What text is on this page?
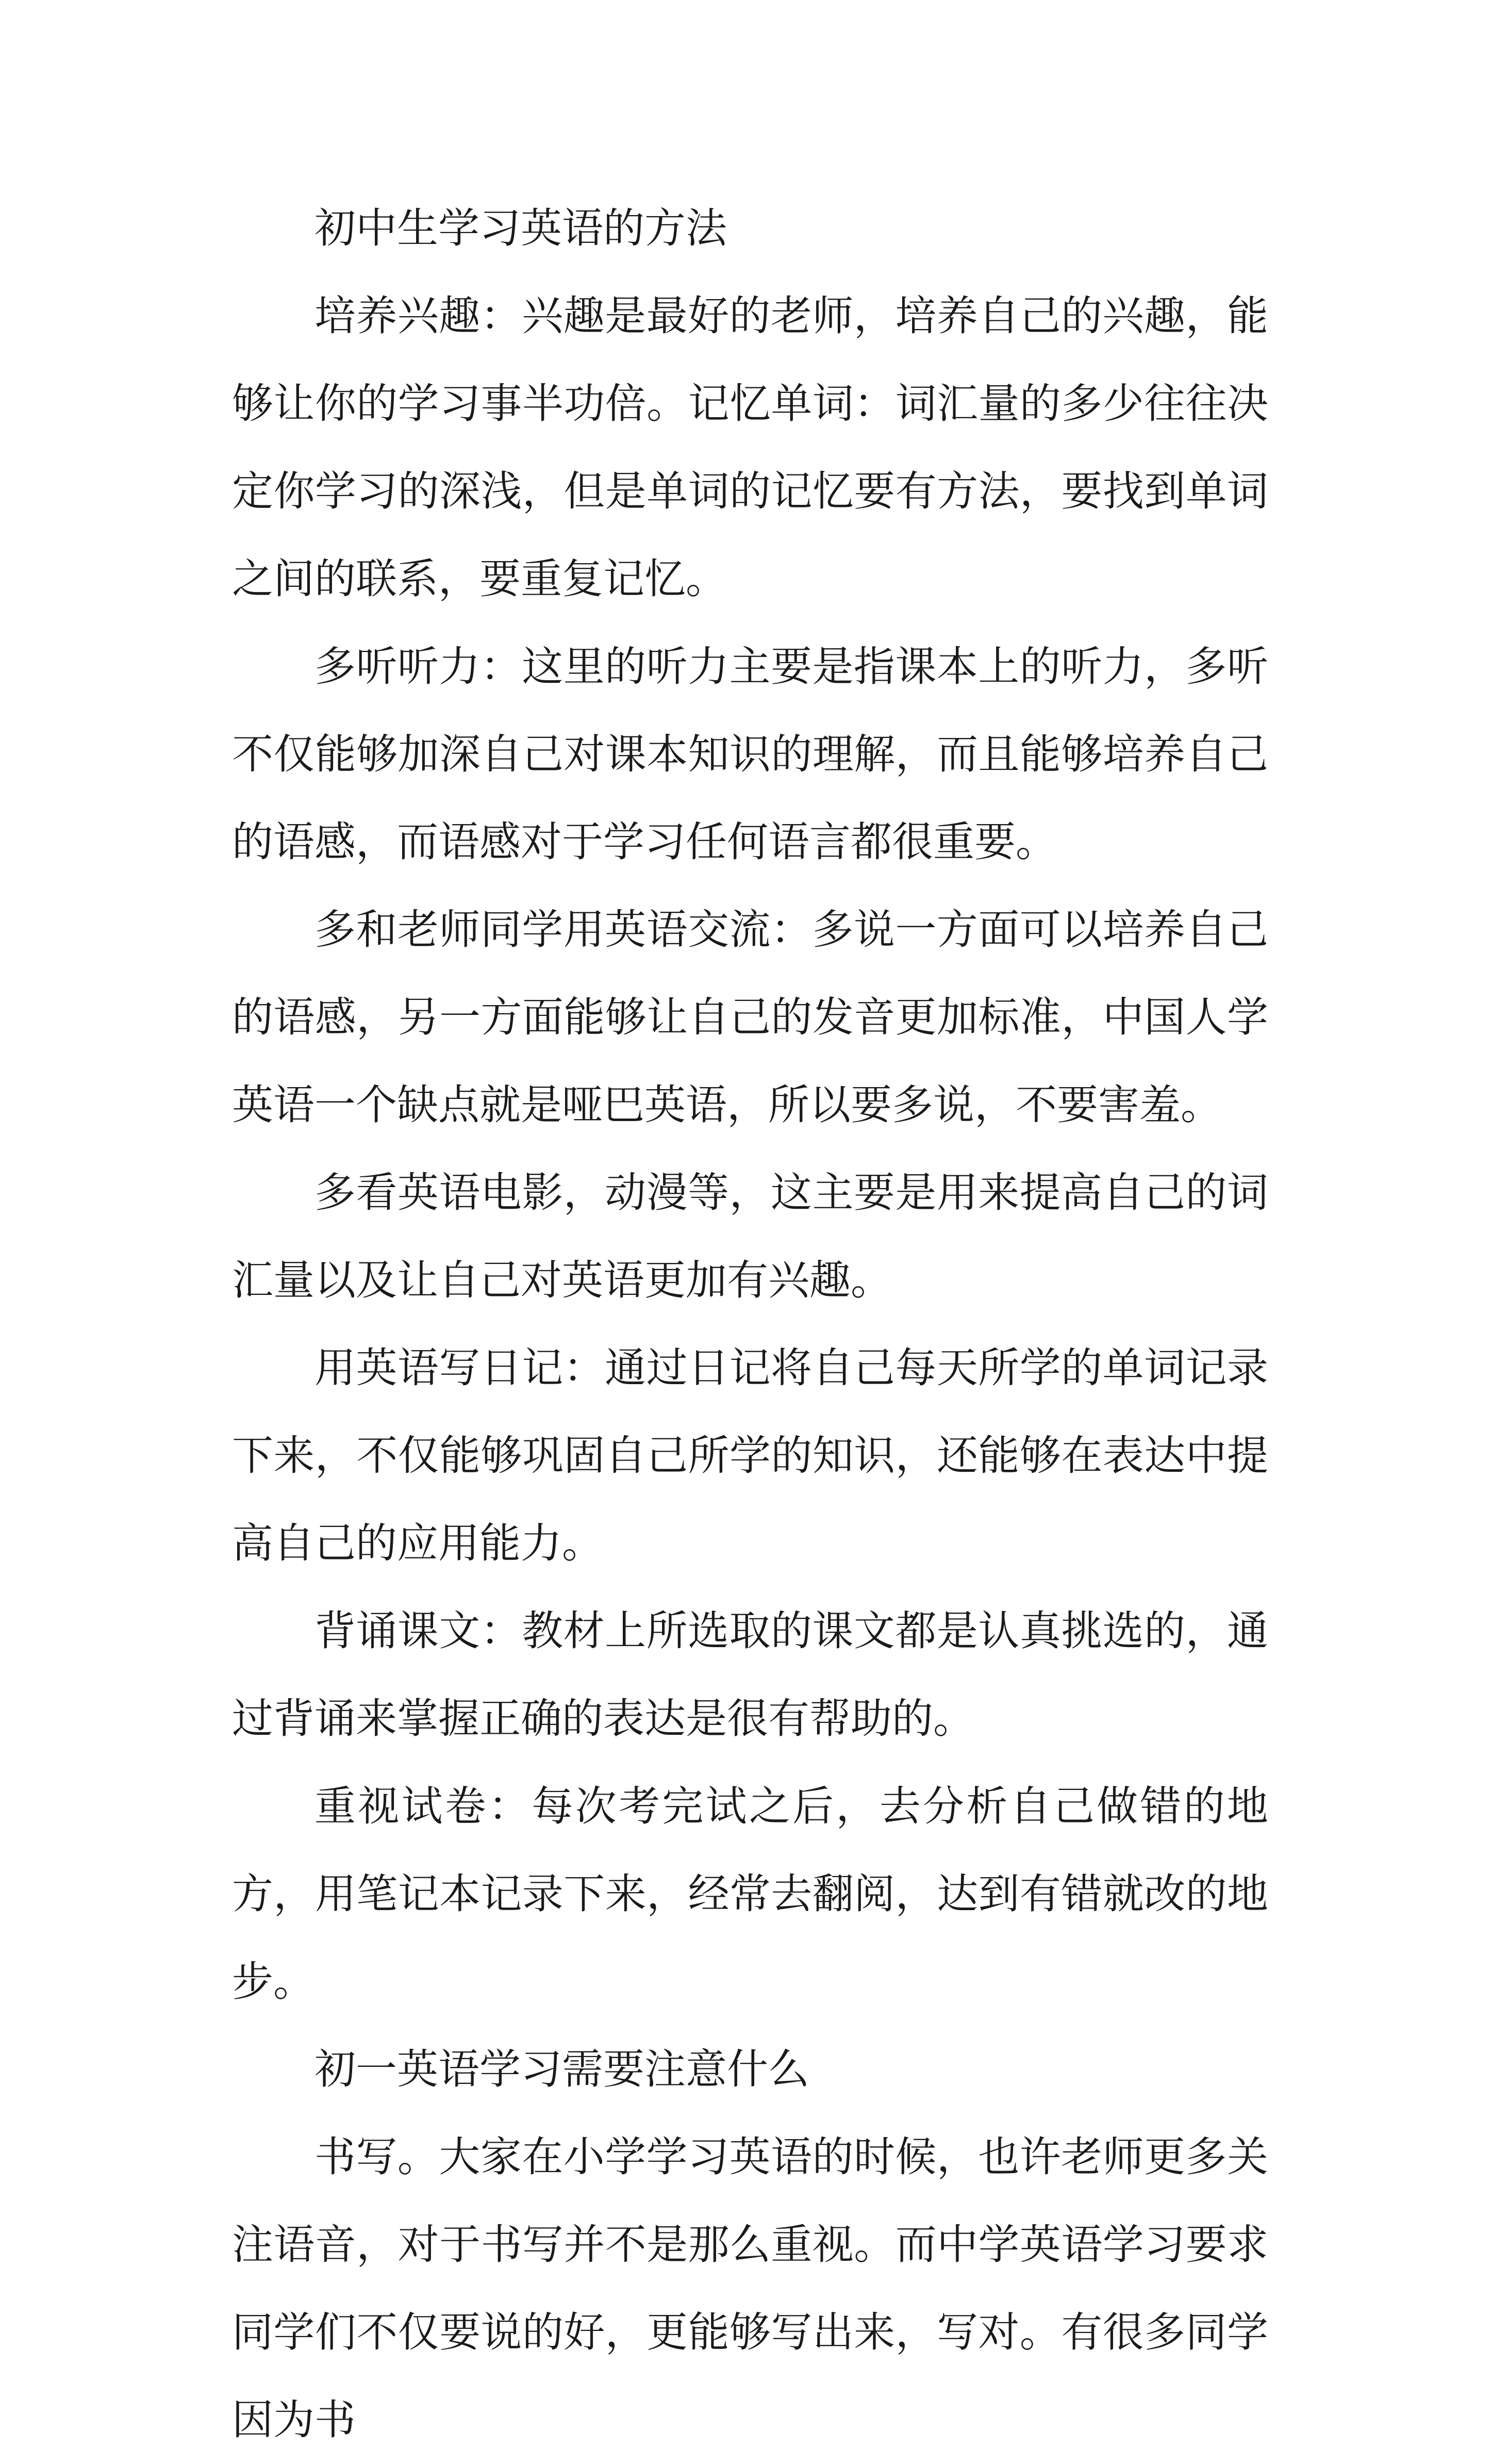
初中生学习英语的方法

培养兴趣：兴趣是最好的老师，培养自己的兴趣，能够让你的学习事半功倍。记忆单词：词汇量的多少往往决定你学习的深浅，但是单词的记忆要有方法，要找到单词之间的联系，要重复记忆。

多听听力：这里的听力主要是指课本上的听力，多听不仅能够加深自己对课本知识的理解，而且能够培养自己的语感，而语感对于学习任何语言都很重要。

多和老师同学用英语交流：多说一方面可以培养自己的语感，另一方面能够让自己的发音更加标准，中国人学英语一个缺点就是哑巴英语，所以要多说，不要害羞。

多看英语电影，动漫等，这主要是用来提高自己的词汇量以及让自己对英语更加有兴趣。

用英语写日记：通过日记将自己每天所学的单词记录下来，不仅能够巩固自己所学的知识，还能够在表达中提高自己的应用能力。

背诵课文：教材上所选取的课文都是认真挑选的，通过背诵来掌握正确的表达是很有帮助的。

重视试卷：每次考完试之后，去分析自己做错的地方，用笔记本记录下来，经常去翻阅，达到有错就改的地步。

初一英语学习需要注意什么

书写。大家在小学学习英语的时候，也许老师更多关注语音，对于书写并不是那么重视。而中学英语学习要求同学们不仅要说的好，更能够写出来，写对。有很多同学因为书
